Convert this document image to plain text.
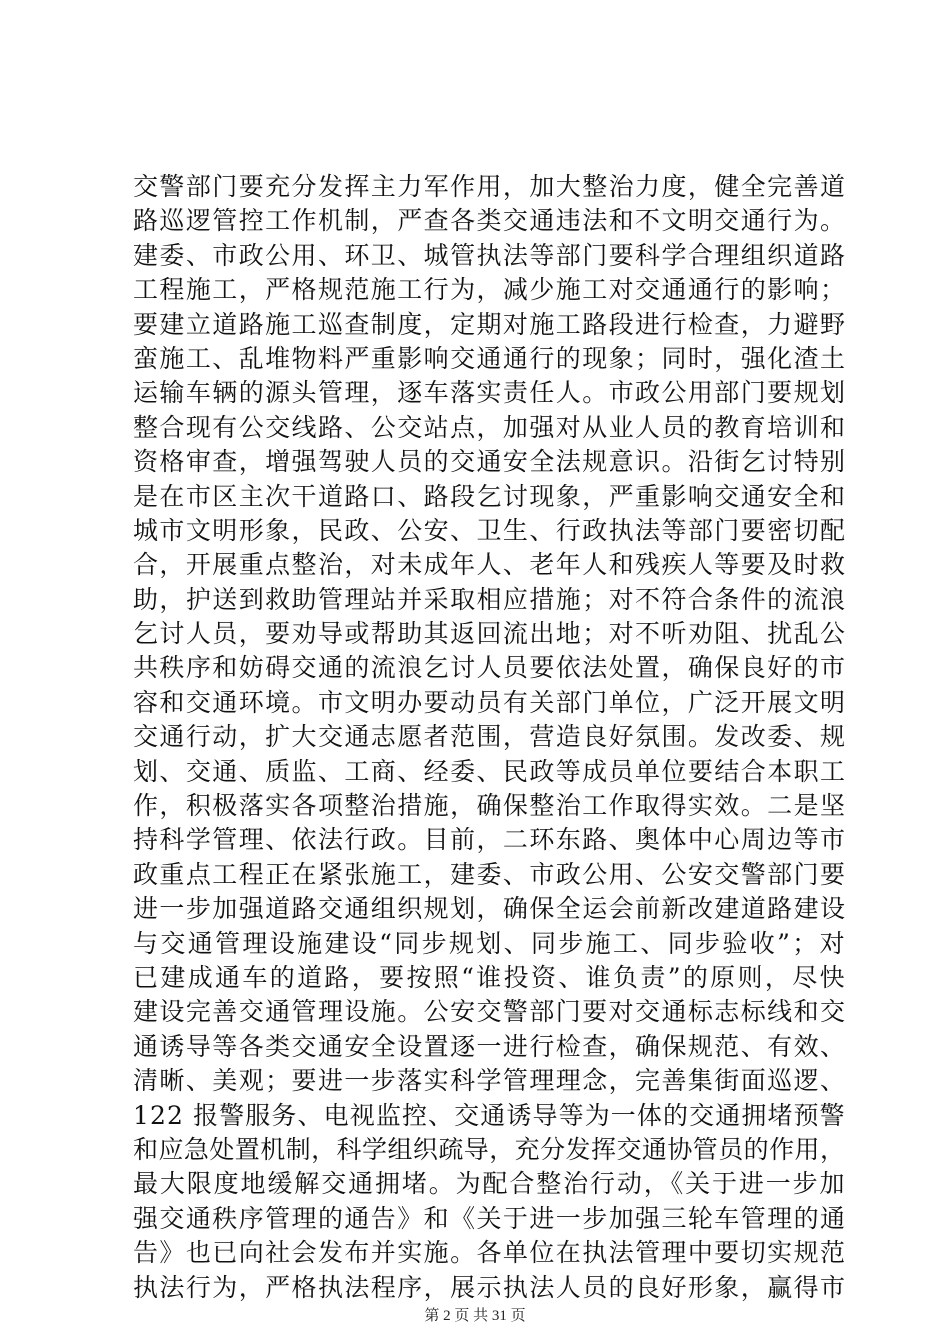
交警部门要充分发挥主力军作用，加大整治力度，健全完善道
路巡逻管控工作机制，严查各类交通违法和不文明交通行为。
建委、市政公用、环卫、城管执法等部门要科学合理组织道路
工程施工，严格规范施工行为，减少施工对交通通行的影响；
要建立道路施工巡查制度，定期对施工路段进行检查，力避野
蛮施工、乱堆物料严重影响交通通行的现象；同时，强化渣土
运输车辆的源头管理，逐车落实责任人。市政公用部门要规划
整合现有公交线路、公交站点，加强对从业人员的教育培训和
资格审查，增强驾驶人员的交通安全法规意识。沿街乞讨特别
是在市区主次干道路口、路段乞讨现象，严重影响交通安全和
城市文明形象，民政、公安、卫生、行政执法等部门要密切配
合，开展重点整治，对未成年人、老年人和残疾人等要及时救
助，护送到救助管理站并采取相应措施；对不符合条件的流浪
乞讨人员，要劝导或帮助其返回流出地；对不听劝阻、扰乱公
共秩序和妨碍交通的流浪乞讨人员要依法处置，确保良好的市
容和交通环境。市文明办要动员有关部门单位，广泛开展文明
交通行动，扩大交通志愿者范围，营造良好氛围。发改委、规
划、交通、质监、工商、经委、民政等成员单位要结合本职工
作，积极落实各项整治措施，确保整治工作取得实效。二是坚
持科学管理、依法行政。目前，二环东路、奥体中心周边等市
政重点工程正在紧张施工，建委、市政公用、公安交警部门要
进一步加强道路交通组织规划，确保全运会前新改建道路建设
与交通管理设施建设“同步规划、同步施工、同步验收”；对
已建成通车的道路，要按照“谁投资、谁负责”的原则，尽快
建设完善交通管理设施。公安交警部门要对交通标志标线和交
通诱导等各类交通安全设置逐一进行检查，确保规范、有效、
清晰、美观；要进一步落实科学管理理念，完善集街面巡逻、
122 报警服务、电视监控、交通诱导等为一体的交通拥堵预警
和应急处置机制，科学组织疏导，充分发挥交通协管员的作用，
最大限度地缓解交通拥堵。为配合整治行动，《关于进一步加
强交通秩序管理的通告》和《关于进一步加强三轮车管理的通
告》也已向社会发布并实施。各单位在执法管理中要切实规范
执法行为，严格执法程序，展示执法人员的良好形象，赢得市
第 2 页 共 31 页
